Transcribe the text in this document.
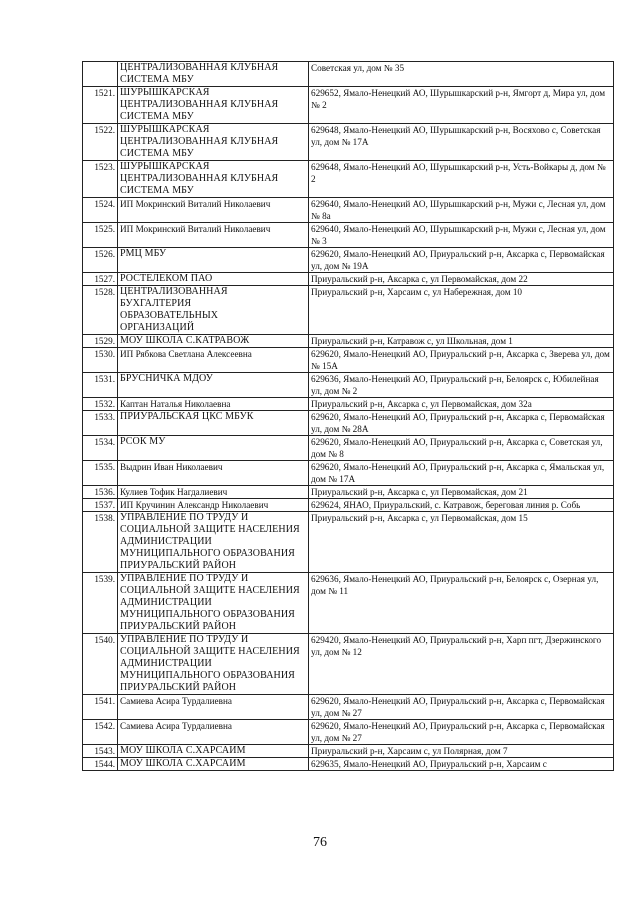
	ЦЕНТРАЛИЗОВАННАЯ КЛУБНАЯ СИСТЕМА МБУ	Советская ул, дом № 35
1521.	ШУРЫШКАРСКАЯ ЦЕНТРАЛИЗОВАННАЯ КЛУБНАЯ СИСТЕМА МБУ	629652, Ямало-Ненецкий АО, Шурышкарский р-н, Ямгорт д, Мира ул, дом № 2
1522.	ШУРЫШКАРСКАЯ ЦЕНТРАЛИЗОВАННАЯ КЛУБНАЯ СИСТЕМА МБУ	629648, Ямало-Ненецкий АО, Шурышкарский р-н, Восяхово с, Советская ул, дом № 17А
1523.	ШУРЫШКАРСКАЯ ЦЕНТРАЛИЗОВАННАЯ КЛУБНАЯ СИСТЕМА МБУ	629648, Ямало-Ненецкий АО, Шурышкарский р-н, Усть-Войкары д, дом № 2
1524.	ИП Мокринский Виталий Николаевич	629640, Ямало-Ненецкий АО, Шурышкарский р-н, Мужи с, Лесная ул, дом № 8а
1525.	ИП Мокринский Виталий Николаевич	629640, Ямало-Ненецкий АО, Шурышкарский р-н, Мужи с, Лесная ул, дом № 3
1526.	РМЦ МБУ	629620, Ямало-Ненецкий АО, Приуральский р-н, Аксарка с, Первомайская ул, дом № 19А
1527.	РОСТЕЛЕКОМ ПАО	Приуральский р-н, Аксарка с, ул Первомайская, дом 22
1528.	ЦЕНТРАЛИЗОВАННАЯ БУХГАЛТЕРИЯ ОБРАЗОВАТЕЛЬНЫХ ОРГАНИЗАЦИЙ	Приуральский р-н, Харсаим с, ул Набережная, дом 10
1529.	МОУ ШКОЛА С.КАТРАВОЖ	Приуральский р-н, Катравож с, ул Школьная, дом 1
1530.	ИП Рябкова Светлана Алексеевна	629620, Ямало-Ненецкий АО, Приуральский р-н, Аксарка с, Зверева ул, дом № 15А
1531.	БРУСНИЧКА МДОУ	629636, Ямало-Ненецкий АО, Приуральский р-н, Белоярск с, Юбилейная ул, дом № 2
1532.	Каптан Наталья Николаевна	Приуральский р-н, Аксарка с, ул Первомайская, дом 32а
1533.	ПРИУРАЛЬСКАЯ ЦКС МБУК	629620, Ямало-Ненецкий АО, Приуральский р-н, Аксарка с, Первомайская ул, дом № 28А
1534.	РСОК МУ	629620, Ямало-Ненецкий АО, Приуральский р-н, Аксарка с, Советская ул, дом № 8
1535.	Выдрин Иван Николаевич	629620, Ямало-Ненецкий АО, Приуральский р-н, Аксарка с, Ямальская ул, дом № 17А
1536.	Кулиев Тофик Нагдалиевич	Приуральский р-н, Аксарка с, ул Первомайская, дом 21
1537.	ИП Кручинин Александр Николаевич	629624, ЯНАО, Приуральский, с. Катравож, береговая линия р. Собь
1538.	УПРАВЛЕНИЕ ПО ТРУДУ И СОЦИАЛЬНОЙ ЗАЩИТЕ НАСЕЛЕНИЯ АДМИНИСТРАЦИИ МУНИЦИПАЛЬНОГО ОБРАЗОВАНИЯ ПРИУРАЛЬСКИЙ РАЙОН	Приуральский р-н, Аксарка с, ул Первомайская, дом 15
1539.	УПРАВЛЕНИЕ ПО ТРУДУ И СОЦИАЛЬНОЙ ЗАЩИТЕ НАСЕЛЕНИЯ АДМИНИСТРАЦИИ МУНИЦИПАЛЬНОГО ОБРАЗОВАНИЯ ПРИУРАЛЬСКИЙ РАЙОН	629636, Ямало-Ненецкий АО, Приуральский р-н, Белоярск с, Озерная ул, дом № 11
1540.	УПРАВЛЕНИЕ ПО ТРУДУ И СОЦИАЛЬНОЙ ЗАЩИТЕ НАСЕЛЕНИЯ АДМИНИСТРАЦИИ МУНИЦИПАЛЬНОГО ОБРАЗОВАНИЯ ПРИУРАЛЬСКИЙ РАЙОН	629420, Ямало-Ненецкий АО, Приуральский р-н, Харп пгт, Дзержинского ул, дом № 12
1541.	Самиева Асира Турдалиевна	629620, Ямало-Ненецкий АО, Приуральский р-н, Аксарка с, Первомайская ул, дом № 27
1542.	Самиева Асира Турдалиевна	629620, Ямало-Ненецкий АО, Приуральский р-н, Аксарка с, Первомайская ул, дом № 27
1543.	МОУ ШКОЛА С.ХАРСАИМ	Приуральский р-н, Харсаим с, ул Полярная, дом 7
1544.	МОУ ШКОЛА С.ХАРСАИМ	629635, Ямало-Ненецкий АО, Приуральский р-н, Харсаим с
76
